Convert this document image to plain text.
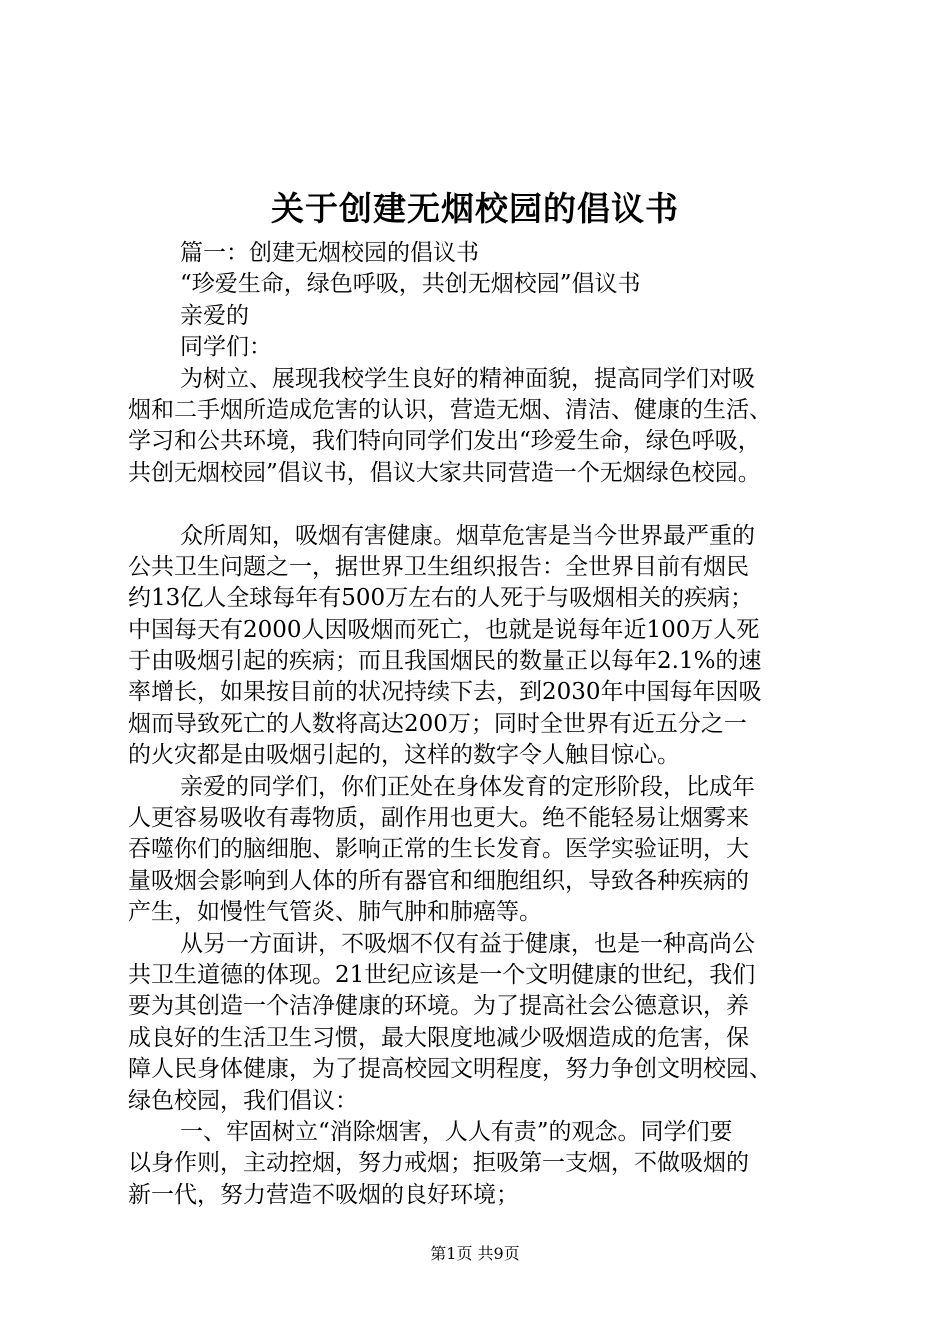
关于创建无烟校园的倡议书
篇一：创建无烟校园的倡议书
“珍爱生命，绿色呼吸，共创无烟校园”倡议书
亲爱的
同学们：
为树立、展现我校学生良好的精神面貌，提高同学们对吸
烟和二手烟所造成危害的认识，营造无烟、清洁、健康的生活、
学习和公共环境，我们特向同学们发出“珍爱生命，绿色呼吸，
共创无烟校园”倡议书，倡议大家共同营造一个无烟绿色校园。
众所周知，吸烟有害健康。烟草危害是当今世界最严重的
公共卫生问题之一，据世界卫生组织报告：全世界目前有烟民
约13亿人全球每年有500万左右的人死于与吸烟相关的疾病；
中国每天有2000人因吸烟而死亡，也就是说每年近100万人死
于由吸烟引起的疾病；而且我国烟民的数量正以每年2.1%的速
率增长，如果按目前的状况持续下去，到2030年中国每年因吸
烟而导致死亡的人数将高达200万；同时全世界有近五分之一
的火灾都是由吸烟引起的，这样的数字令人触目惊心。
亲爱的同学们，你们正处在身体发育的定形阶段，比成年
人更容易吸收有毒物质，副作用也更大。绝不能轻易让烟雾来
吞噬你们的脑细胞、影响正常的生长发育。医学实验证明，大
量吸烟会影响到人体的所有器官和细胞组织，导致各种疾病的
产生，如慢性气管炎、肺气肿和肺癌等。
从另一方面讲，不吸烟不仅有益于健康，也是一种高尚公
共卫生道德的体现。21世纪应该是一个文明健康的世纪，我们
要为其创造一个洁净健康的环境。为了提高社会公德意识，养
成良好的生活卫生习惯，最大限度地减少吸烟造成的危害，保
障人民身体健康，为了提高校园文明程度，努力争创文明校园、
绿色校园，我们倡议：
一、牢固树立“消除烟害，人人有责”的观念。同学们要
以身作则，主动控烟，努力戒烟；拒吸第一支烟，不做吸烟的
新一代，努力营造不吸烟的良好环境；
第1页 共9页
